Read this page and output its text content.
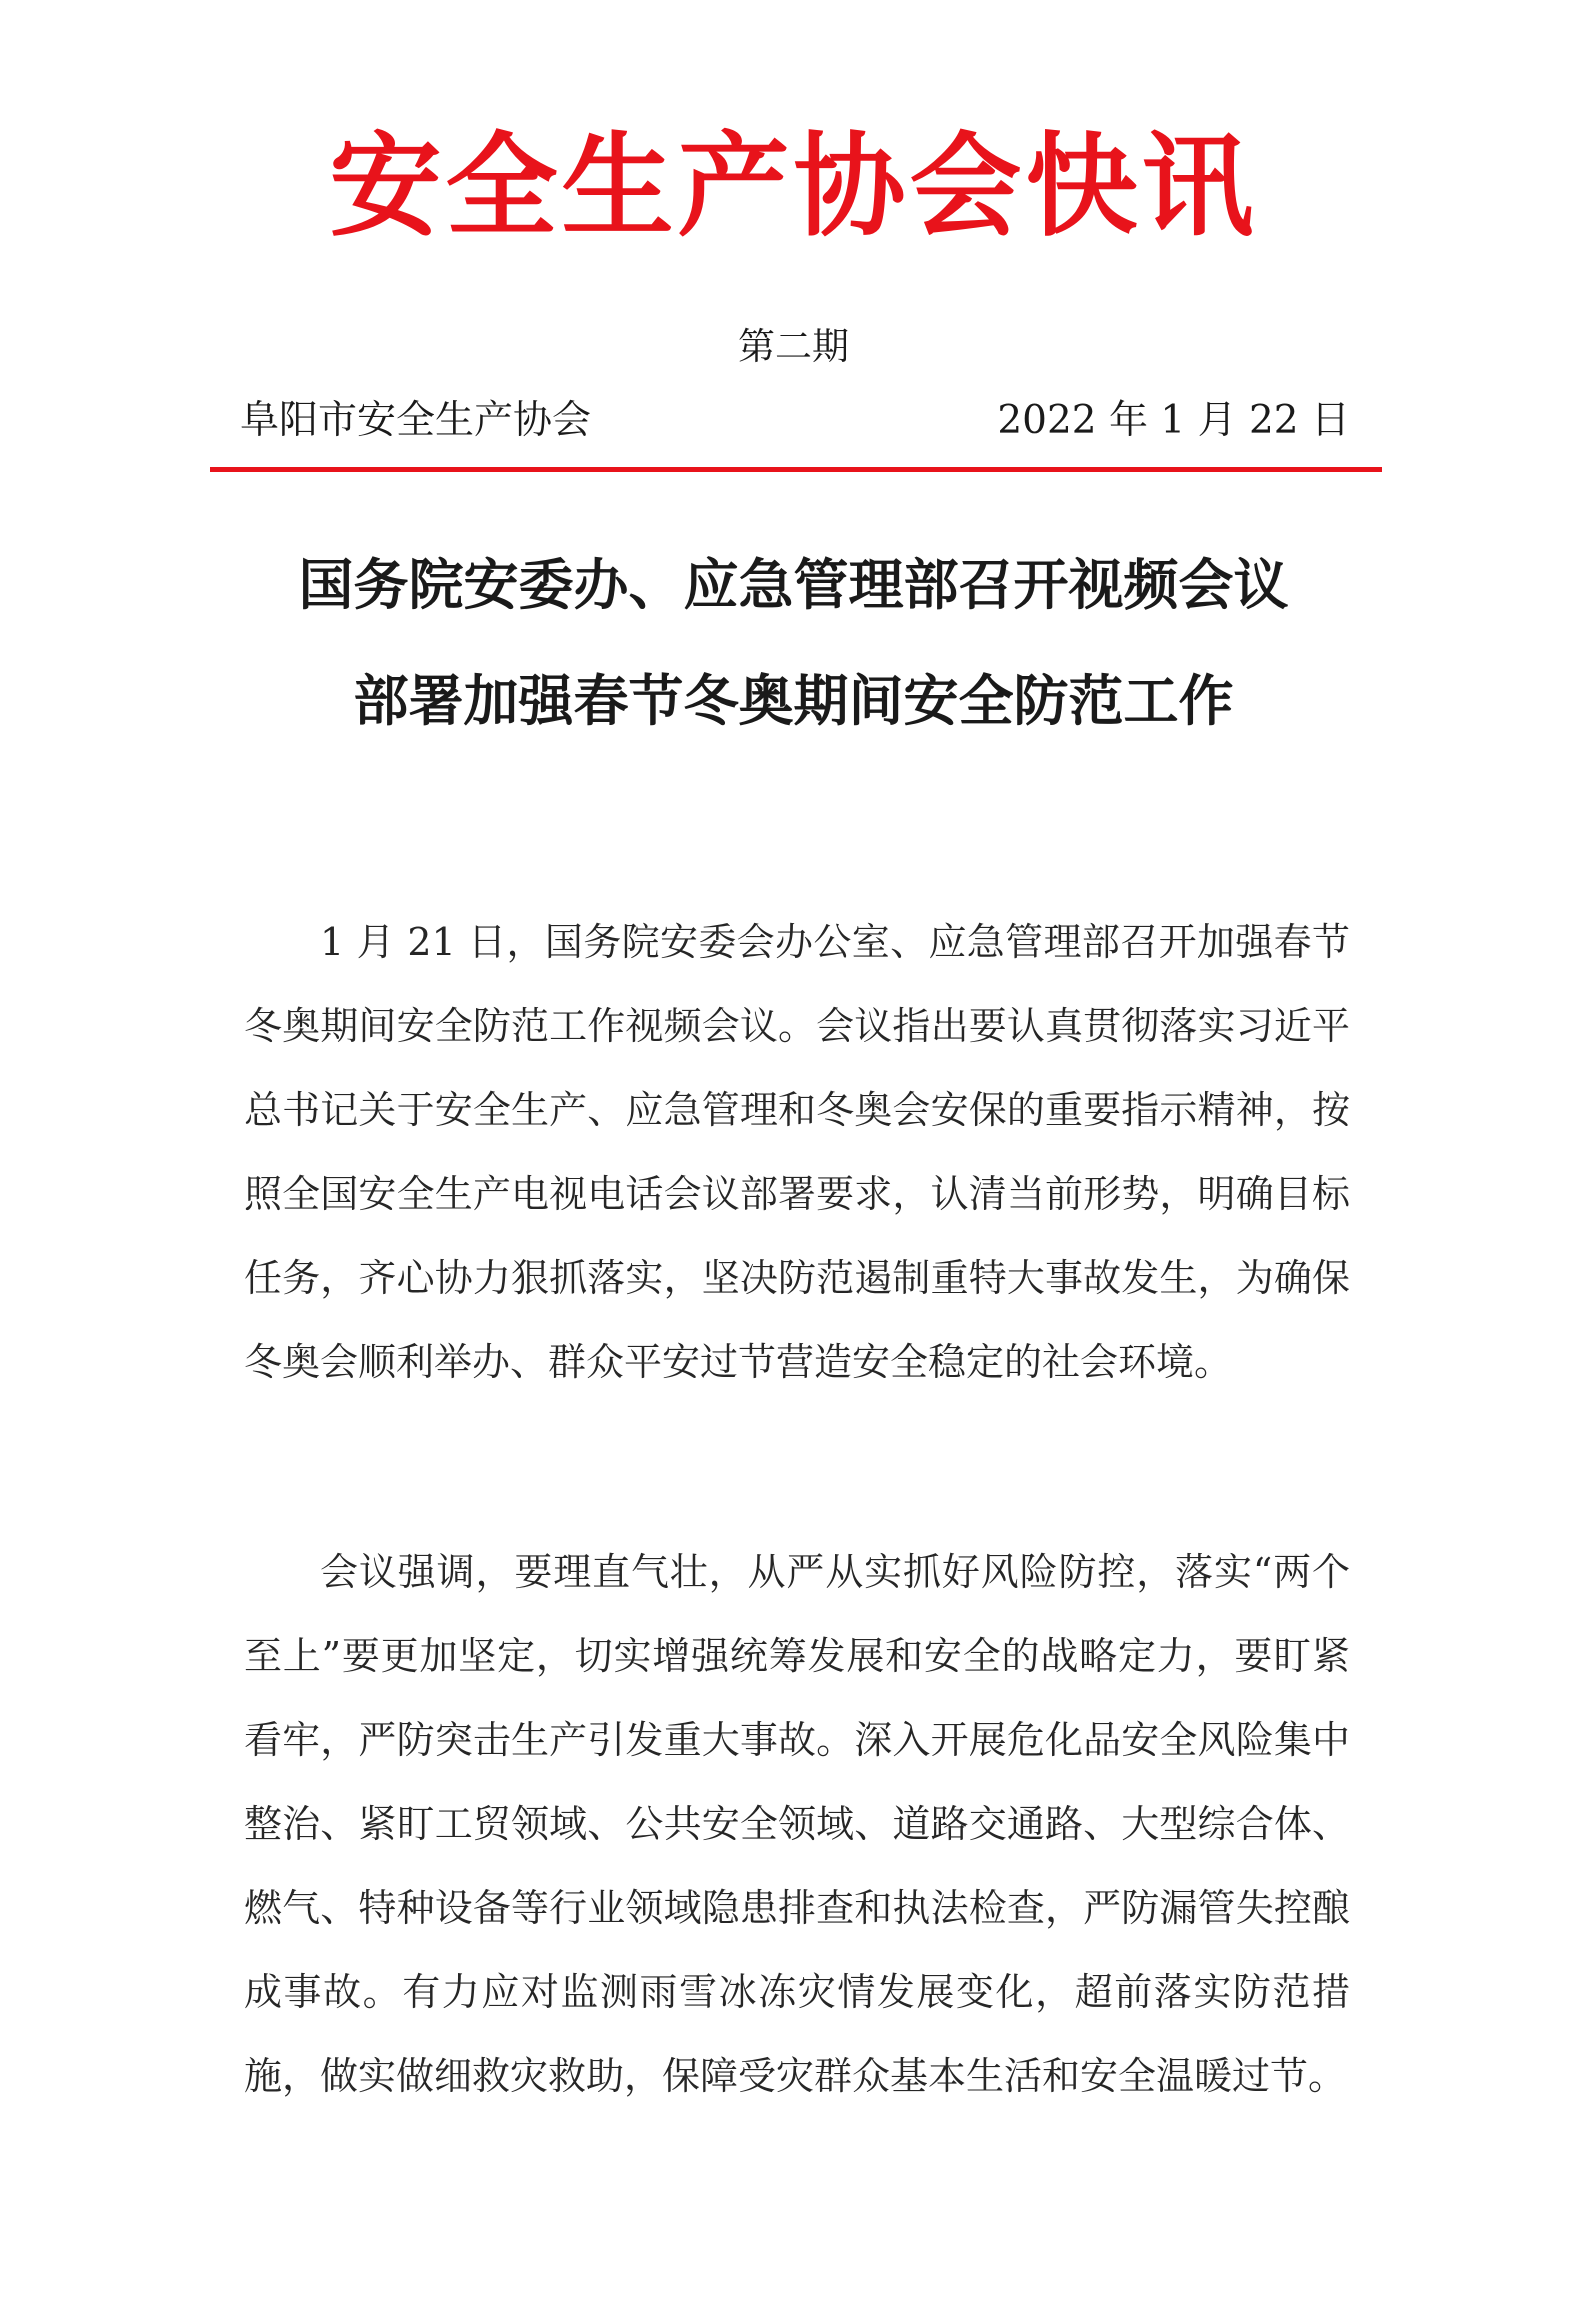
安全生产协会快讯
第二期
阜阳市安全生产协会	2022 年 1 月 22 日
国务院安委办、应急管理部召开视频会议
部署加强春节冬奥期间安全防范工作

1 月 21 日，国务院安委会办公室、应急管理部召开加强春节冬奥期间安全防范工作视频会议。会议指出要认真贯彻落实习近平总书记关于安全生产、应急管理和冬奥会安保的重要指示精神，按照全国安全生产电视电话会议部署要求，认清当前形势，明确目标任务，齐心协力狠抓落实，坚决防范遏制重特大事故发生，为确保冬奥会顺利举办、群众平安过节营造安全稳定的社会环境。

会议强调，要理直气壮，从严从实抓好风险防控，落实“两个至上”要更加坚定，切实增强统筹发展和安全的战略定力，要盯紧看牢，严防突击生产引发重大事故。深入开展危化品安全风险集中整治、紧盯工贸领域、公共安全领域、道路交通路、大型综合体、燃气、特种设备等行业领域隐患排查和执法检查，严防漏管失控酿成事故。有力应对监测雨雪冰冻灾情发展变化，超前落实防范措施，做实做细救灾救助，保障受灾群众基本生活和安全温暖过节。
